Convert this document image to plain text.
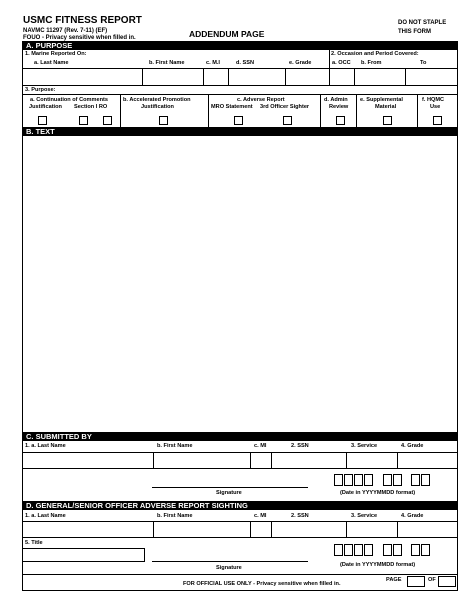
USMC FITNESS REPORT
NAVMC 11297 (Rev. 7-11) (EF)
FOUO - Privacy sensitive when filled in.	ADDENDUM PAGE
DO NOT STAPLE
THIS FORM
A. PURPOSE
1. Marine Reported On:	2. Occasion and Period Covered:
a. Last Name	b. First Name	c. M.I	d. SSN	e. Grade	a. OCC b. From	To
3. Purpose:
a. Continuation of Comments
Justification Section I RO
b. Accelerated Promotion
Justification
c. Adverse Report
MRO Statement 3rd Officer Sighter
d. Admin
Review
e. Supplemental
Material
f. HQMC
Use
B. TEXT
C. SUBMITTED BY
1. a. Last Name	b. First Name	c. MI	2. SSN	3. Service	4. Grade
Signature	(Date in YYYYMMDD format)
D. GENERAL/SENIOR OFFICER ADVERSE REPORT SIGHTING
1. a. Last Name	b. First Name	c. MI	2. SSN	3. Service	4. Grade
5. Title
Signature	(Date in YYYYMMDD format)
FOR OFFICIAL USE ONLY - Privacy sensitive when filled in.
PAGE	OF
